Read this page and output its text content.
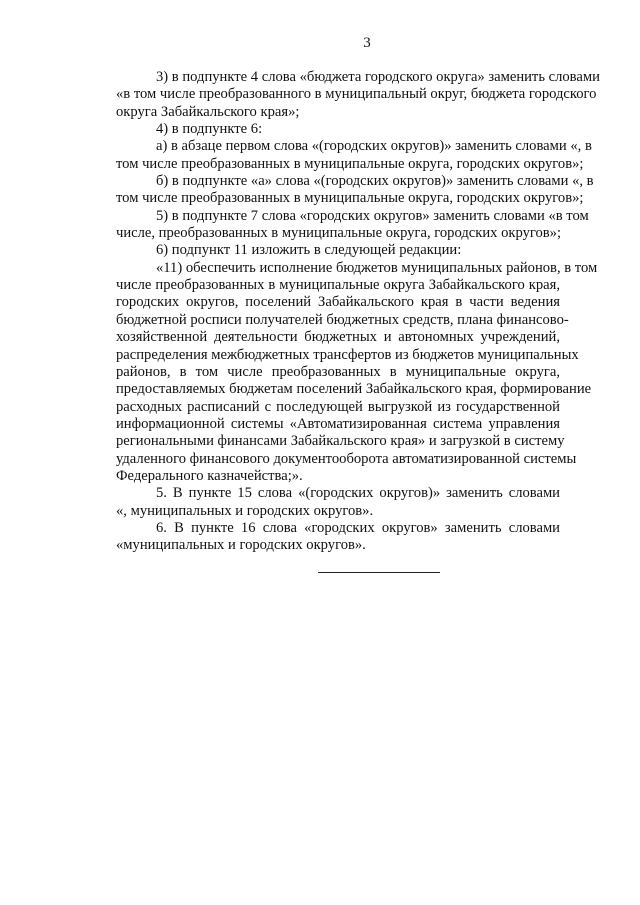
3
3) в подпункте 4 слова «бюджета городского округа» заменить словами
«в том числе преобразованного в муниципальный округ, бюджета городского
округа Забайкальского края»;
4) в подпункте 6:
а) в абзаце первом слова «(городских округов)» заменить словами «, в
том числе преобразованных в муниципальные округа, городских округов»;
б) в подпункте «а» слова «(городских округов)» заменить словами «, в
том числе преобразованных в муниципальные округа, городских округов»;
5) в подпункте 7 слова «городских округов» заменить словами «в том
числе, преобразованных в муниципальные округа, городских округов»;
6) подпункт 11 изложить в следующей редакции:
«11) обеспечить исполнение бюджетов муниципальных районов, в том
числе преобразованных в муниципальные округа Забайкальского края,
городских округов, поселений Забайкальского края в части ведения
бюджетной росписи получателей бюджетных средств, плана финансово-
хозяйственной деятельности бюджетных и автономных учреждений,
распределения межбюджетных трансфертов из бюджетов муниципальных
районов, в том числе преобразованных в муниципальные округа,
предоставляемых бюджетам поселений Забайкальского края, формирование
расходных расписаний с последующей выгрузкой из государственной
информационной системы «Автоматизированная система управления
региональными финансами Забайкальского края» и загрузкой в систему
удаленного финансового документооборота автоматизированной системы
Федерального казначейства;».
5. В пункте 15 слова «(городских округов)» заменить словами
«, муниципальных и городских округов».
6. В пункте 16 слова «городских округов» заменить словами
«муниципальных и городских округов».
